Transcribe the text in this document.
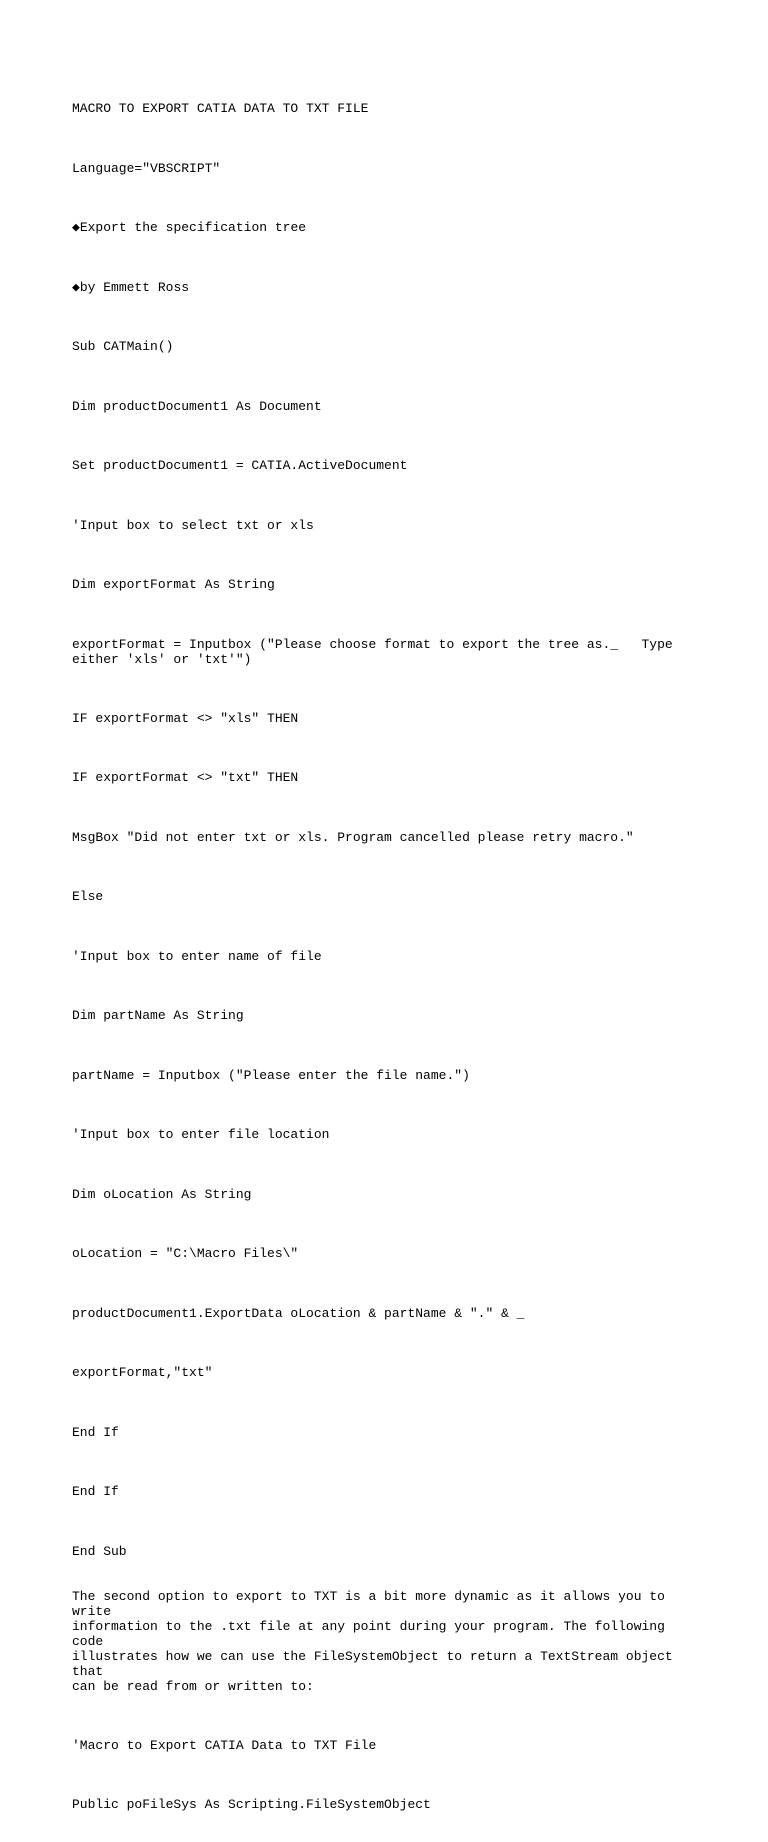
MACRO TO EXPORT CATIA DATA TO TXT FILE

Language="VBSCRIPT"

◆Export the specification tree

◆by Emmett Ross

Sub CATMain()

Dim productDocument1 As Document

Set productDocument1 = CATIA.ActiveDocument

'Input box to select txt or xls

Dim exportFormat As String

exportFormat = Inputbox ("Please choose format to export the tree as._   Type
either 'xls' or 'txt'")

IF exportFormat <> "xls" THEN

IF exportFormat <> "txt" THEN

MsgBox "Did not enter txt or xls. Program cancelled please retry macro."

Else

'Input box to enter name of file

Dim partName As String

partName = Inputbox ("Please enter the file name.")

'Input box to enter file location

Dim oLocation As String

oLocation = "C:\Macro Files\"

productDocument1.ExportData oLocation & partName & "." & _

exportFormat,"txt"

End If

End If

End Sub

The second option to export to TXT is a bit more dynamic as it allows you to write
information to the .txt file at any point during your program. The following code
illustrates how we can use the FileSystemObject to return a TextStream object that
can be read from or written to:

'Macro to Export CATIA Data to TXT File

Public poFileSys As Scripting.FileSystemObject
